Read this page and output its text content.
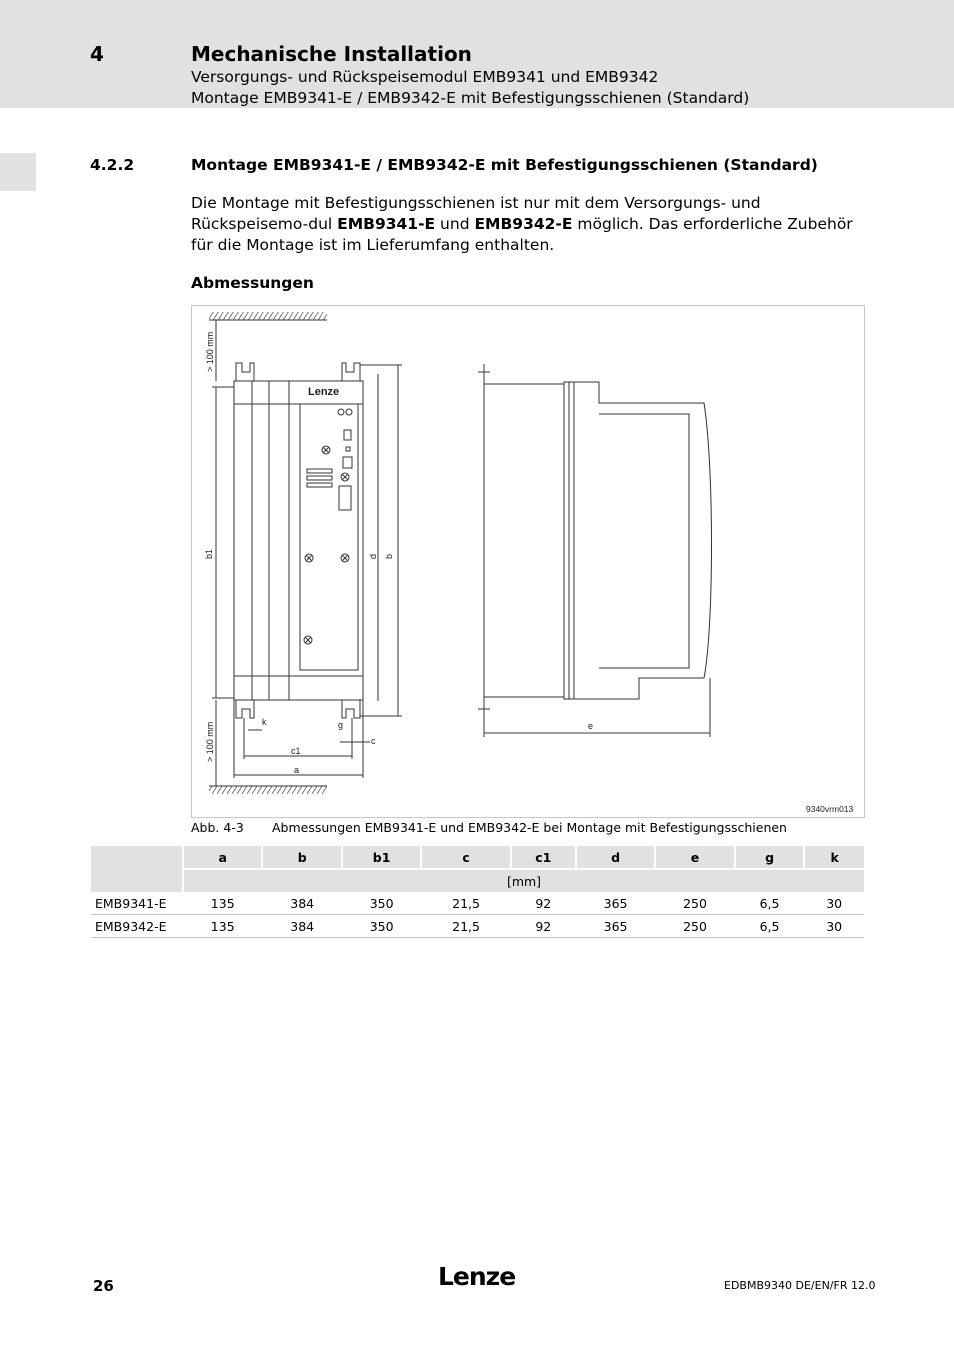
4	Mechanische Installation
Versorgungs- und Rückspeisemodul EMB9341 und EMB9342
Montage EMB9341-E / EMB9342-E mit Befestigungsschienen (Standard)
4.2.2	Montage EMB9341-E / EMB9342-E mit Befestigungsschienen (Standard)
Die Montage mit Befestigungsschienen ist nur mit dem Versorgungs- und Rückspeisemo-dul EMB9341-E und EMB9342-E möglich. Das erforderliche Zubehör für die Montage ist im Lieferumfang enthalten.
Abmessungen
Lenze
> 100 mm
> 100 mm
b1	d b
c1
a
k	g
c
e
9340vrm013
Abb. 4-3 Abmessungen EMB9341-E und EMB9342-E bei Montage mit Befestigungsschienen
	a	b	b1	c	c1	d	e	g	k
	[mm]								
EMB9341-E	135	384	350	21,5	92	365	250	6,5	30
EMB9342-E	135	384	350	21,5	92	365	250	6,5	30
26	Lenze	EDBMB9340 DE/EN/FR 12.0
